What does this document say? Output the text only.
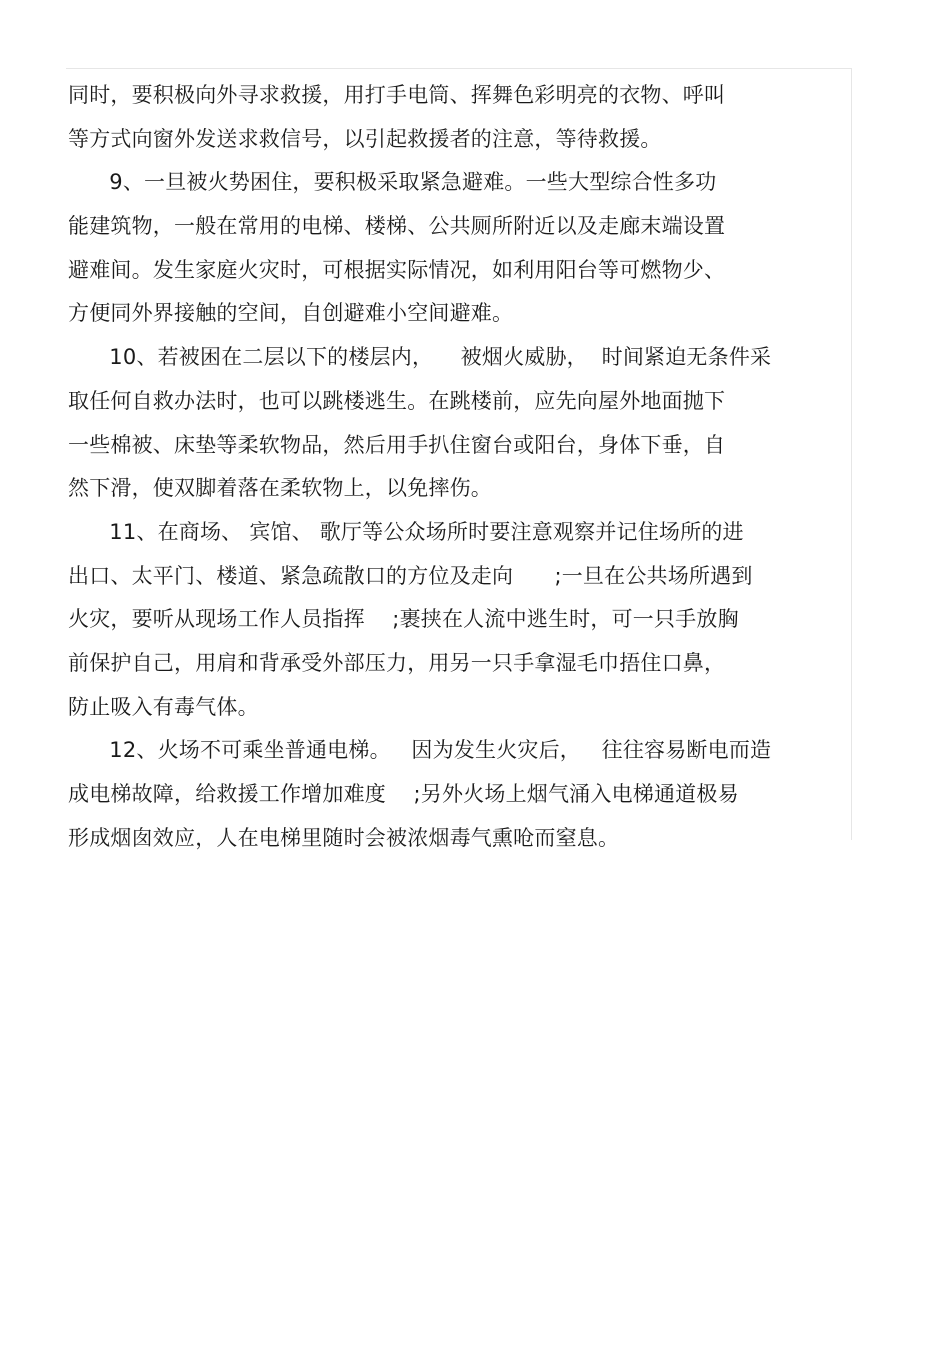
同时，要积极向外寻求救援，用打手电筒、挥舞色彩明亮的衣物、呼叫
等方式向窗外发送求救信号，以引起救援者的注意，等待救援。
9、一旦被火势困住，要积极采取紧急避难。一些大型综合性多功
能建筑物，一般在常用的电梯、楼梯、公共厕所附近以及走廊末端设置
避难间。发生家庭火灾时，可根据实际情况，如利用阳台等可燃物少、
方便同外界接触的空间，自创避难小空间避难。
10、若被困在二层以下的楼层内，    被烟火威胁，  时间紧迫无条件采
取任何自救办法时，也可以跳楼逃生。在跳楼前，应先向屋外地面抛下
一些棉被、床垫等柔软物品，然后用手扒住窗台或阳台，身体下垂，自
然下滑，使双脚着落在柔软物上，以免摔伤。
11、在商场、 宾馆、 歌厅等公众场所时要注意观察并记住场所的进
出口、太平门、楼道、紧急疏散口的方位及走向      ;一旦在公共场所遇到
火灾，要听从现场工作人员指挥    ;裹挟在人流中逃生时，可一只手放胸
前保护自己，用肩和背承受外部压力，用另一只手拿湿毛巾捂住口鼻，
防止吸入有毒气体。
12、火场不可乘坐普通电梯。   因为发生火灾后，   往往容易断电而造
成电梯故障，给救援工作增加难度    ;另外火场上烟气涌入电梯通道极易
形成烟囱效应，人在电梯里随时会被浓烟毒气熏呛而窒息。
